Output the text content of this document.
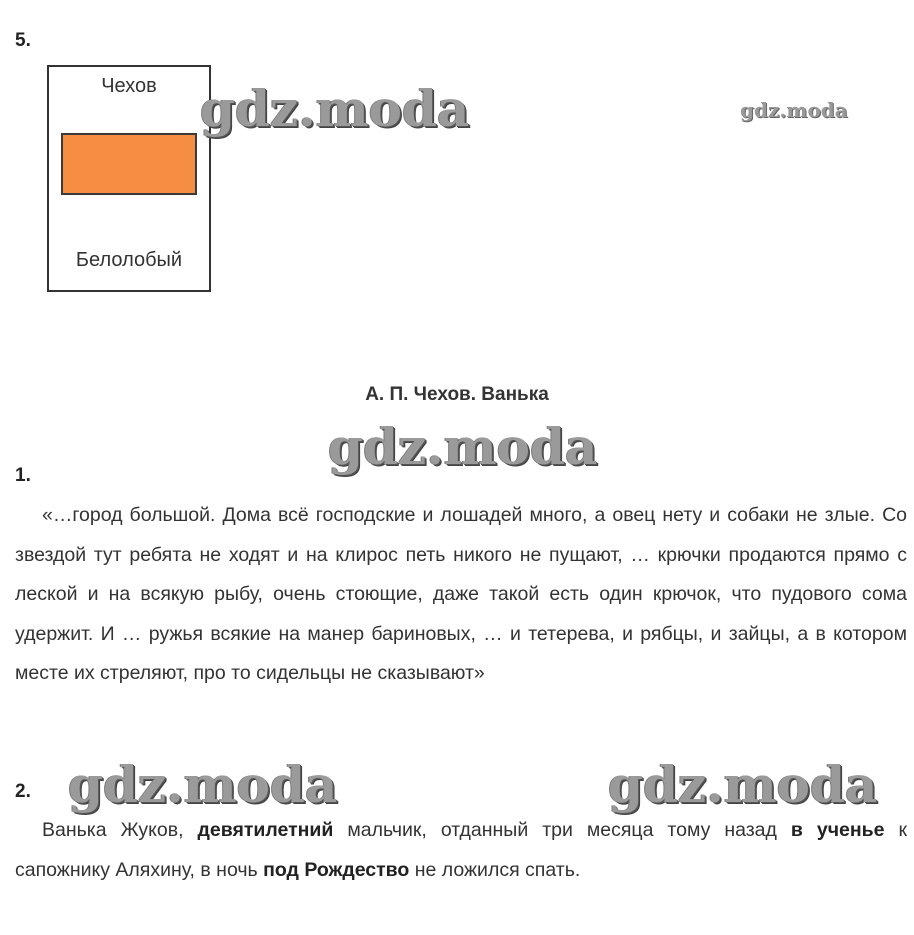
5.
Чехов
Белолобый
gdz.moda	gdz.moda
gdz.moda
gdz.moda	gdz.moda
А. П. Чехов. Ванька
1.

«…город большой. Дома всё господские и лошадей много, а овец нету и собаки не злые. Со звездой тут ребята не ходят и на клирос петь никого не пущают, … крючки продаются прямо с леской и на всякую рыбу, очень стоющие, даже такой есть один крючок, что пудового сома удержит. И … ружья всякие на манер бариновых, … и тетерева, и рябцы, и зайцы, а в котором месте их стреляют, про то сидельцы не сказывают»

2.

Ванька Жуков, девятилетний мальчик, отданный три месяца тому назад в ученье к сапожнику Аляхину, в ночь под Рождество не ложился спать.
